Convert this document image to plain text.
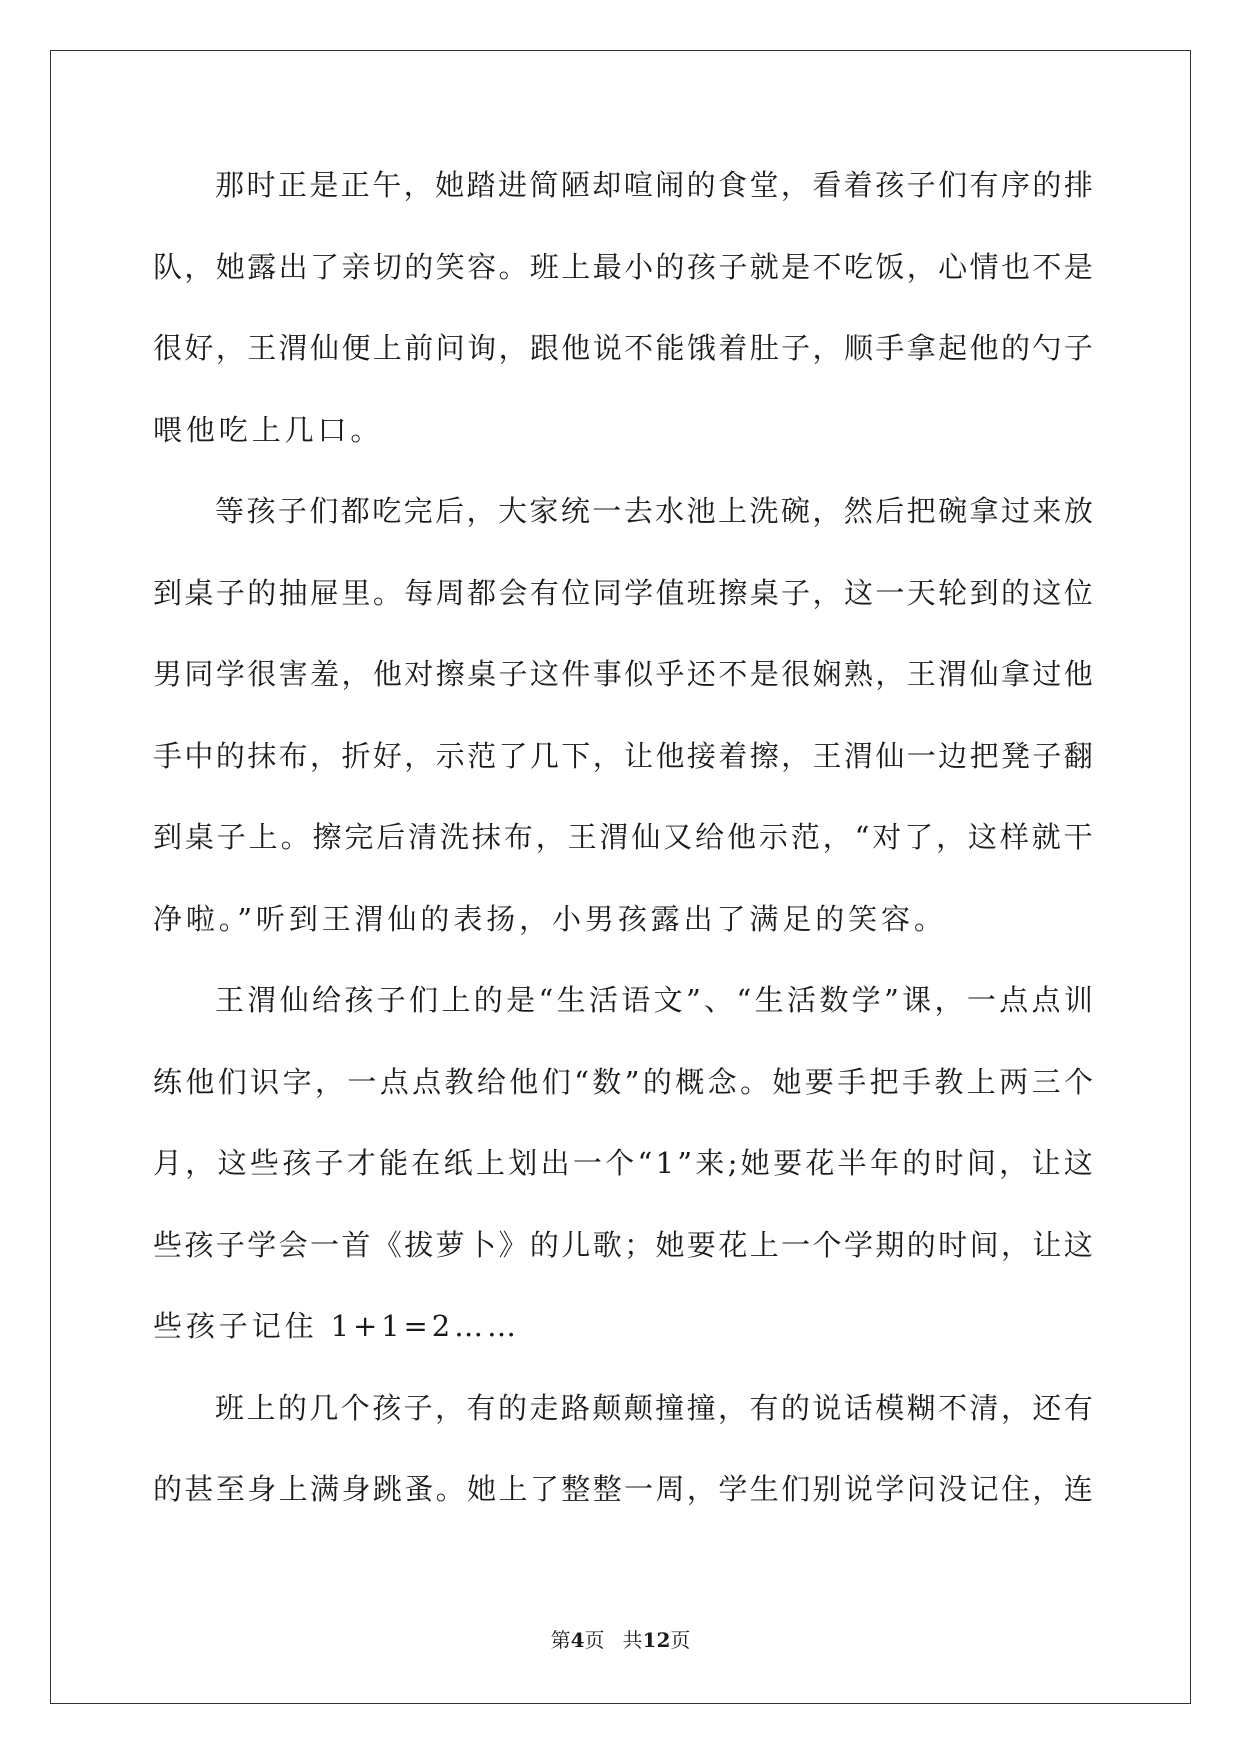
那 时 正 是 正 午 ， 她 踏 进 简 陋 却 喧 闹 的 食 堂 ， 看 着 孩 子 们 有 序 的 排
队 ， 她 露 出 了 亲 切 的 笑 容 。 班 上 最 小 的 孩 子 就 是 不 吃 饭 ， 心 情 也 不 是
很 好 ， 王 渭 仙 便 上 前 问 询 ， 跟 他 说 不 能 饿 着 肚 子 ， 顺 手 拿 起 他 的 勺 子
喂他吃上几口。
等 孩 子 们 都 吃 完 后 ， 大 家 统 一 去 水 池 上 洗 碗 ， 然 后 把 碗 拿 过 来 放
到 桌 子 的 抽 屉 里 。 每 周 都 会 有 位 同 学 值 班 擦 桌 子 ， 这 一 天 轮 到 的 这 位
男 同 学 很 害 羞 ， 他 对 擦 桌 子 这 件 事 似 乎 还 不 是 很 娴 熟 ， 王 渭 仙 拿 过 他
手 中 的 抹 布 ， 折 好 ， 示 范 了 几 下 ， 让 他 接 着 擦 ， 王 渭 仙 一 边 把 凳 子 翻
到 桌 子 上 。 擦 完 后 清 洗 抹 布 ， 王 渭 仙 又 给 他 示 范 ， “ 对 了 ， 这 样 就 干
净啦。”听到王渭仙的表扬，小男孩露出了满足的笑容。
王 渭 仙 给 孩 子 们 上 的 是 “ 生 活 语 文 ” 、 “ 生 活 数 学 ” 课 ， 一 点 点 训
练 他 们 识 字 ， 一 点 点 教 给 他 们 “ 数 ” 的 概 念 。 她 要 手 把 手 教 上 两 三 个
月 ， 这 些 孩 子 才 能 在 纸 上 划 出 一 个 “ 1 ” 来 ; 她 要 花 半 年 的 时 间 ， 让 这
些 孩 子 学 会 一 首 《 拔 萝 卜 》 的 儿 歌 ； 她 要 花 上 一 个 学 期 的 时 间 ， 让 这
些孩子记住 1+1=2……
班 上 的 几 个 孩 子 ， 有 的 走 路 颠 颠 撞 撞 ， 有 的 说 话 模 糊 不 清 ， 还 有
的 甚 至 身 上 满 身 跳 蚤 。 她 上 了 整 整 一 周 ， 学 生 们 别 说 学 问 没 记 住 ， 连
第4页 共12页
